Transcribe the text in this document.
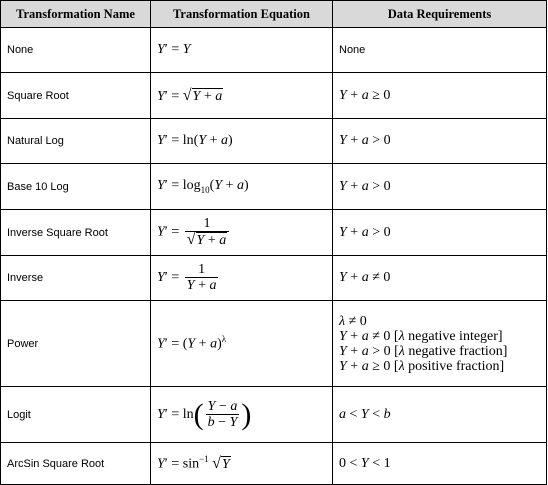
Transformation Name	Transformation Equation	Data Requirements
None	Y′ = Y	None
Square Root	Y′ = √Y + a	Y + a ≥ 0
Natural Log	Y′ = ln(Y + a)	Y + a > 0
Base 10 Log	$Y' = \log_{10}(Y + a)$	Y + a > 0
Inverse Square Root	$Y' = \frac{1}{√Y + a}$	Y + a > 0
Inverse	$Y' = \frac{1}{Y + a}$	Y + a ≠ 0
Power	$Y' = (Y + a)^\lambda$	λ ≠ 0
Y + a ≠ 0 [λ negative integer]
Y + a > 0 [λ negative fraction]
Y + a ≥ 0 [λ positive fraction]

Logit	$Y' = \ln( \frac{Y - a}{b - Y}$ )	a < Y < b
ArcSin Square Root	$Y' = \sin^{-1} √Y$	0 < Y < 1
